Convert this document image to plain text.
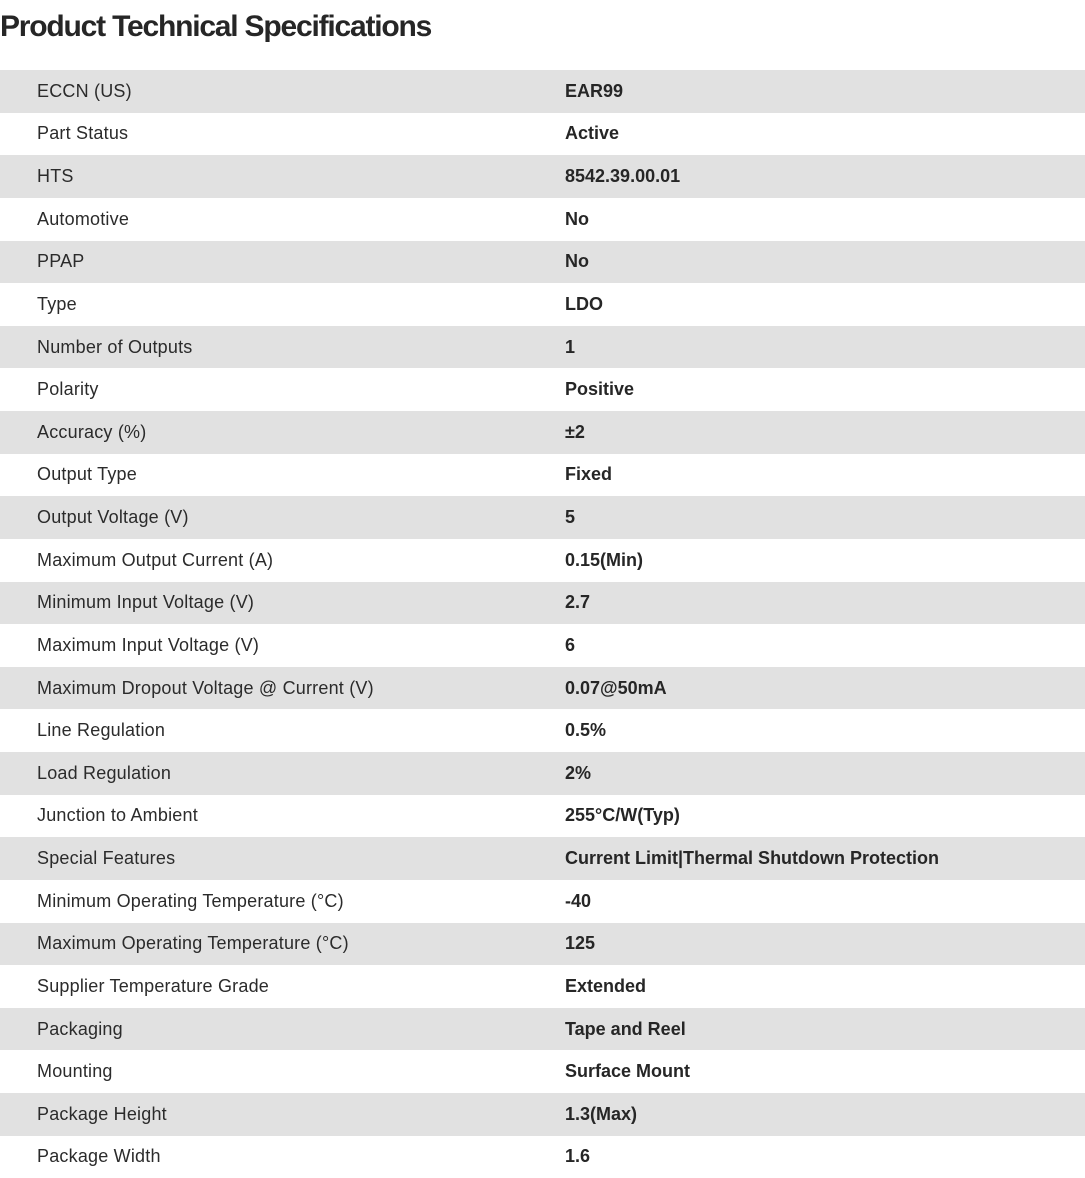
Product Technical Specifications
ECCN (US)	EAR99
Part Status	Active
HTS	8542.39.00.01
Automotive	No
PPAP	No
Type	LDO
Number of Outputs	1
Polarity	Positive
Accuracy (%)	±2
Output Type	Fixed
Output Voltage (V)	5
Maximum Output Current (A)	0.15(Min)
Minimum Input Voltage (V)	2.7
Maximum Input Voltage (V)	6
Maximum Dropout Voltage @ Current (V)	0.07@50mA
Line Regulation	0.5%
Load Regulation	2%
Junction to Ambient	255°C/W(Typ)
Special Features	Current Limit|Thermal Shutdown Protection
Minimum Operating Temperature (°C)	-40
Maximum Operating Temperature (°C)	125
Supplier Temperature Grade	Extended
Packaging	Tape and Reel
Mounting	Surface Mount
Package Height	1.3(Max)
Package Width	1.6
